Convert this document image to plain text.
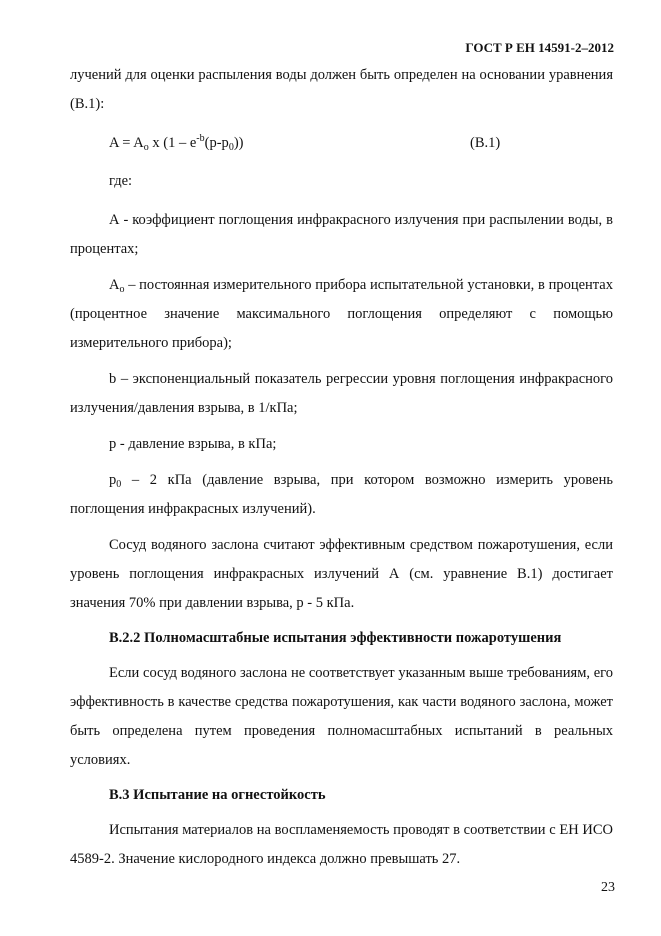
ГОСТ Р ЕН 14591-2–2012

лучений для оценки распыления воды должен быть определен на основании уравнения (В.1):

$A = A_o$ x $(1 - e^{-b}(p-p_0))$	(В.1)

где:

А - коэффициент поглощения инфракрасного излучения при распылении воды, в процентах;

$А_o$ – постоянная измерительного прибора испытательной установки, в процентах (процентное значение максимального поглощения определяют с помощью измерительного прибора);

b – экспоненциальный показатель регрессии уровня поглощения инфракрасного излучения/давления взрыва, в 1/кПа;

р - давление взрыва, в кПа;

$p_0 - 2$ кПа (давление взрыва, при котором возможно измерить уровень поглощения инфракрасных излучений).

Сосуд водяного заслона считают эффективным средством пожаротушения, если уровень поглощения инфракрасных излучений А (см. уравнение В.1) достигает значения 70% при давлении взрыва, р - 5 кПа.

В.2.2 Полномасштабные испытания эффективности пожаротушения

Если сосуд водяного заслона не соответствует указанным выше требованиям, его эффективность в качестве средства пожаротушения, как части водяного заслона, может быть определена путем проведения полномасштабных испытаний в реальных условиях.

В.3 Испытание на огнестойкость

Испытания материалов на воспламеняемость проводят в соответствии с ЕН ИСО 4589-2. Значение кислородного индекса должно превышать 27.

23
